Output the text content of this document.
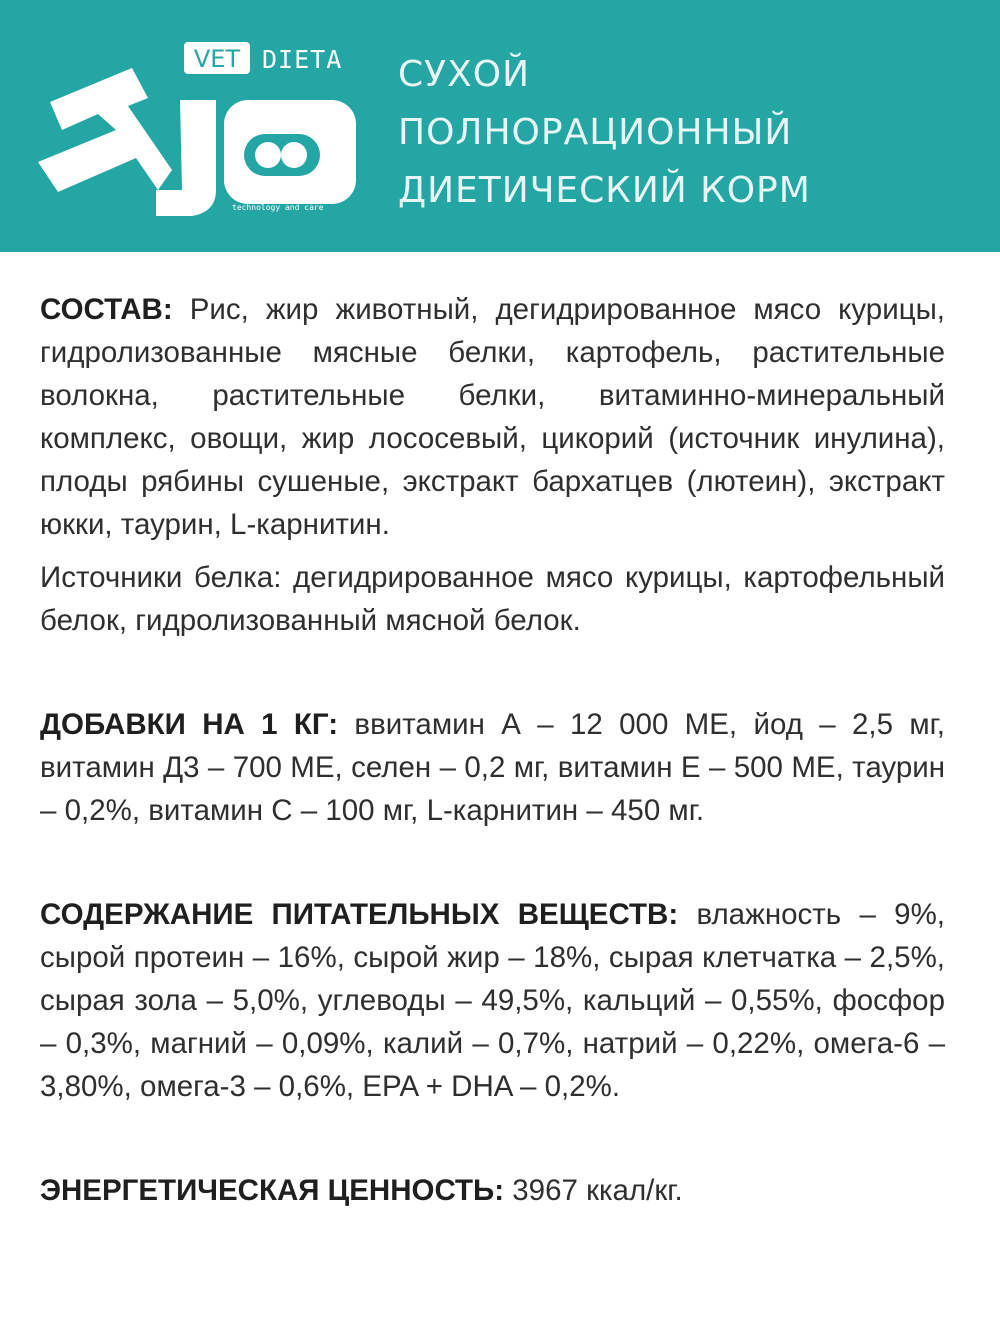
VET DIETA
technology and care
СУХОЙ
ПОЛНОРАЦИОННЫЙ
ДИЕТИЧЕСКИЙ КОРМ

СОСТАВ: Рис, жир животный, дегидрированное мясо курицы, гидролизованные мясные белки, картофель, растительные волокна, растительные белки, витаминно-минеральный комплекс, овощи, жир лососевый, цикорий (источник инулина), плоды рябины сушеные, экстракт бархатцев (лютеин), экстракт юкки, таурин, L-карнитин.

Источники белка: дегидрированное мясо курицы, картофельный белок, гидролизованный мясной белок.

ДОБАВКИ НА 1 КГ: ввитамин А – 12 000 МЕ, йод – 2,5 мг, витамин Д3 – 700 МЕ, селен – 0,2 мг, витамин Е – 500 МЕ, таурин – 0,2%, витамин С – 100 мг, L-карнитин – 450 мг.

СОДЕРЖАНИЕ ПИТАТЕЛЬНЫХ ВЕЩЕСТВ: влажность – 9%, сырой протеин – 16%, сырой жир – 18%, сырая клетчатка – 2,5%, сырая зола – 5,0%, углеводы – 49,5%, кальций – 0,55%, фосфор – 0,3%, магний – 0,09%, калий – 0,7%, натрий – 0,22%, омега-6 – 3,80%, омега-3 – 0,6%, EPA + DHA – 0,2%.

ЭНЕРГЕТИЧЕСКАЯ ЦЕННОСТЬ: 3967 ккал/кг.
